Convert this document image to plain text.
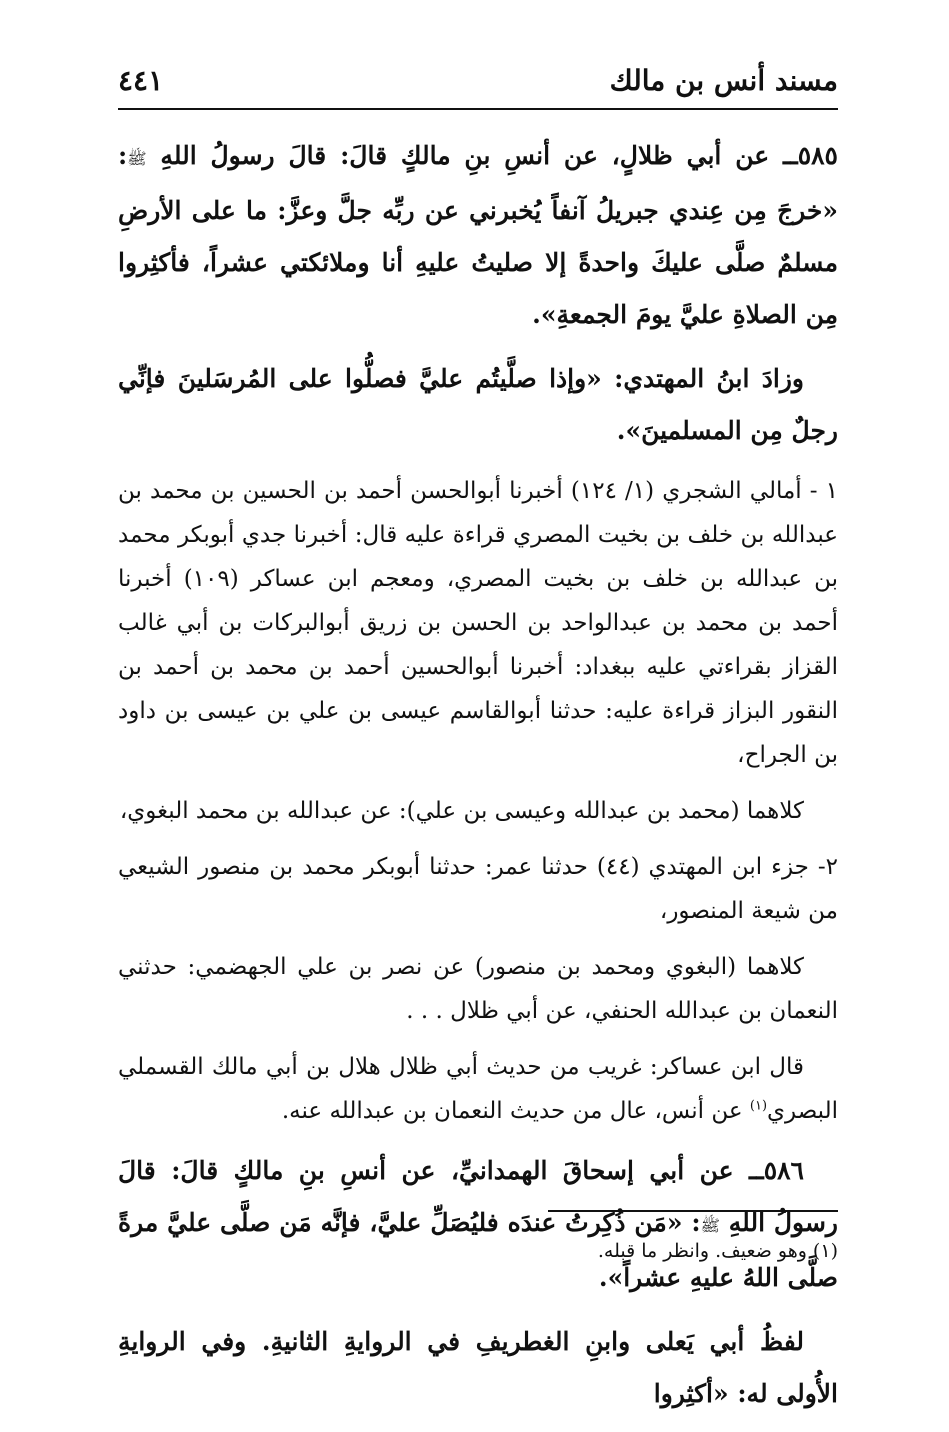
مسند أنس بن مالك
٤٤١

٥٨٥ــ عن أبي ظلالٍ، عن أنسِ بنِ مالكٍ قالَ: قالَ رسولُ اللهِ ﷺ: «خرجَ مِن عِندي جبريلُ آنفاً يُخبرني عن ربِّه جلَّ وعزَّ: ما على الأرضِ مسلمٌ صلَّى عليكَ واحدةً إلا صليتُ عليهِ أنا وملائكتي عشراً، فأكثِروا مِن الصلاةِ عليَّ يومَ الجمعةِ».

وزادَ ابنُ المهتدي: «وإذا صلَّيتُم عليَّ فصلُّوا على المُرسَلينَ فإنِّي رجلٌ مِن المسلمينَ».

١ - أمالي الشجري (١/ ١٢٤) أخبرنا أبوالحسن أحمد بن الحسين بن محمد بن عبدالله بن خلف بن بخيت المصري قراءة عليه قال: أخبرنا جدي أبوبكر محمد بن عبدالله بن خلف بن بخيت المصري، ومعجم ابن عساكر (١٠٩) أخبرنا أحمد بن محمد بن عبدالواحد بن الحسن بن زريق أبوالبركات بن أبي غالب القزاز بقراءتي عليه ببغداد: أخبرنا أبوالحسين أحمد بن محمد بن أحمد بن النقور البزاز قراءة عليه: حدثنا أبوالقاسم عيسى بن علي بن عيسى بن داود بن الجراح،

كلاهما (محمد بن عبدالله وعيسى بن علي): عن عبدالله بن محمد البغوي،

٢- جزء ابن المهتدي (٤٤) حدثنا عمر: حدثنا أبوبكر محمد بن منصور الشيعي من شيعة المنصور،

كلاهما (البغوي ومحمد بن منصور) عن نصر بن علي الجهضمي: حدثني النعمان بن عبدالله الحنفي، عن أبي ظلال . . .

قال ابن عساكر: غريب من حديث أبي ظلال هلال بن أبي مالك القسملي البصري$^{(١)}$ عن أنس، عال من حديث النعمان بن عبدالله عنه.

٥٨٦ــ عن أبي إسحاقَ الهمدانيِّ، عن أنسِ بنِ مالكٍ قالَ: قالَ رسولُ اللهِ ﷺ: «مَن ذُكِرتُ عندَه فليُصَلِّ عليَّ، فإنَّه مَن صلَّى عليَّ مرةً صلَّى اللهُ عليهِ عشراً».

لفظُ أبي يَعلى وابنِ الغطريفِ في الروايةِ الثانيةِ. وفي الروايةِ الأُولى له: «أكثِروا

(١) وهو ضعيف. وانظر ما قبله.
